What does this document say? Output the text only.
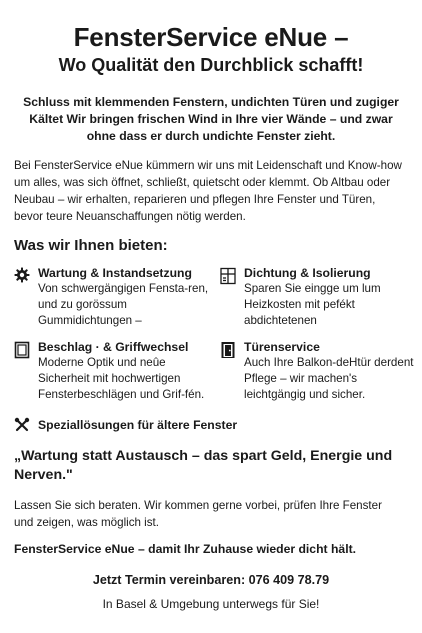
FensterService eNue –
Wo Qualität den Durchblick schafft!

Schluss mit klemmenden Fenstern, undichten Türen und zugiger Kältet Wir bringen frischen Wind in Ihre vier Wände – und zwar ohne dass er durch undichte Fenster zieht.

Bei FensterService eNue kümmern wir uns mit Leidenschaft und Know-how um alles, was sich öffnet, schließt, quietscht oder klemmt. Ob Altbau oder Neubau – wir erhalten, reparieren und pflegen Ihre Fenster und Türen, bevor teure Neuanschaffungen nötig werden.

Was wir Ihnen bieten:
Wartung & Instandsetzung
Von schwergängigen Fensta-ren, und zu gorössum Gummidichtungen –
Dichtung & Isolierung
Sparen Sie eingge um lum Heizkosten mit pefékt abdichtetenen
Beschlag · & Griffwechsel
Moderne Optik und neûe Sicherheit mit hochwertigen Fensterbeschlägen und Grif-fén.
Türenservice
Auch Ihre Balkon-deHtür derdent Pflege – wir machen's leichtgängig und sicher.
Speziallösungen für ältere Fenster

„Wartung statt Austausch – das spart Geld, Energie und Nerven."

Lassen Sie sich beraten. Wir kommen gerne vorbei, prüfen Ihre Fenster und zeigen, was möglich ist.

FensterService eNue – damit Ihr Zuhause wieder dicht hält.

Jetzt Termin vereinbaren: 076 409 78.79

In Basel & Umgebung unterwegs für Sie!
